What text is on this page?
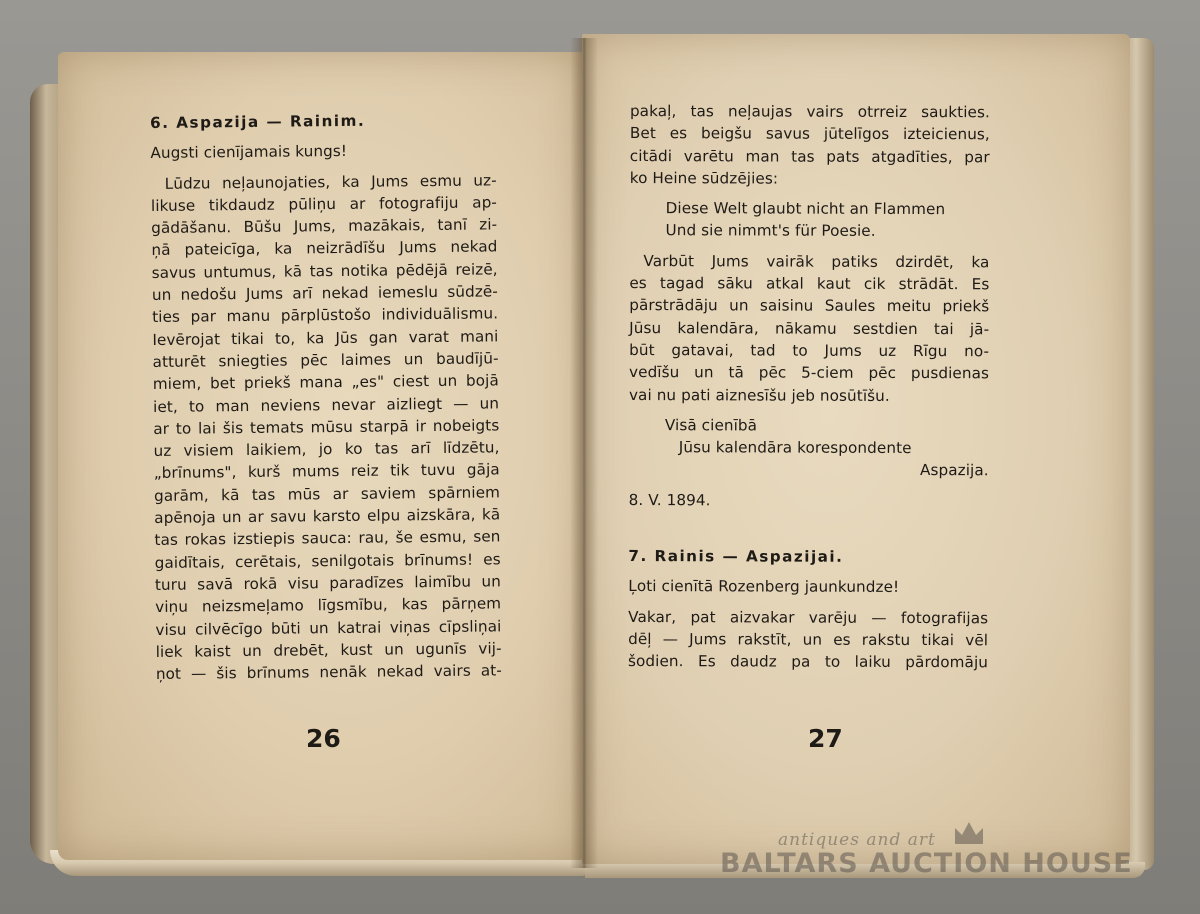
6. Aspazija — Rainim.
Augsti cienījamais kungs!
Lūdzu neļaunojaties, ka Jums esmu uz-
likuse tikdaudz pūliņu ar fotografiju ap-
gādāšanu. Būšu Jums, mazākais, tanī zi-
ņā pateicīga, ka neizrādīšu Jums nekad
savus untumus, kā tas notika pēdējā reizē,
un nedošu Jums arī nekad iemeslu sūdzē-
ties par manu pārplūstošo individuālismu.
Ievērojat tikai to, ka Jūs gan varat mani
atturēt sniegties pēc laimes un baudījū-
miem, bet priekš mana „es" ciest un bojā
iet, to man neviens nevar aizliegt — un
ar to lai šis temats mūsu starpā ir nobeigts
uz visiem laikiem, jo ko tas arī līdzētu,
„brīnums", kurš mums reiz tik tuvu gāja
garām, kā tas mūs ar saviem spārniem
apēnoja un ar savu karsto elpu aizskāra, kā
tas rokas izstiepis sauca: rau, še esmu, sen
gaidītais, cerētais, senilgotais brīnums! es
turu savā rokā visu paradīzes laimību un
viņu neizsmeļamo līgsmību, kas pārņem
visu cilvēcīgo būti un katrai viņas cīpsliņai
liek kaist un drebēt, kust un ugunīs vij-
ņot — šis brīnums nenāk nekad vairs at-
26
pakaļ, tas neļaujas vairs otrreiz saukties.
Bet es beigšu savus jūtelīgos izteicienus,
citādi varētu man tas pats atgadīties, par
ko Heine sūdzējies:
Diese Welt glaubt nicht an Flammen
Und sie nimmt's für Poesie.
Varbūt Jums vairāk patiks dzirdēt, ka
es tagad sāku atkal kaut cik strādāt. Es
pārstrādāju un saisinu Saules meitu priekš
Jūsu kalendāra, nākamu sestdien tai jā-
būt gatavai, tad to Jums uz Rīgu no-
vedīšu un tā pēc 5-ciem pēc pusdienas
vai nu pati aiznesīšu jeb nosūtīšu.
Visā cienībā
Jūsu kalendāra korespondente
Aspazija.
8. V. 1894.
7. Rainis — Aspazijai.
Ļoti cienītā Rozenberg jaunkundze!
Vakar, pat aizvakar varēju — fotografijas
dēļ — Jums rakstīt, un es rakstu tikai vēl
šodien. Es daudz pa to laiku pārdomāju
27
antiques and art
BALTARS AUCTION HOUSE
